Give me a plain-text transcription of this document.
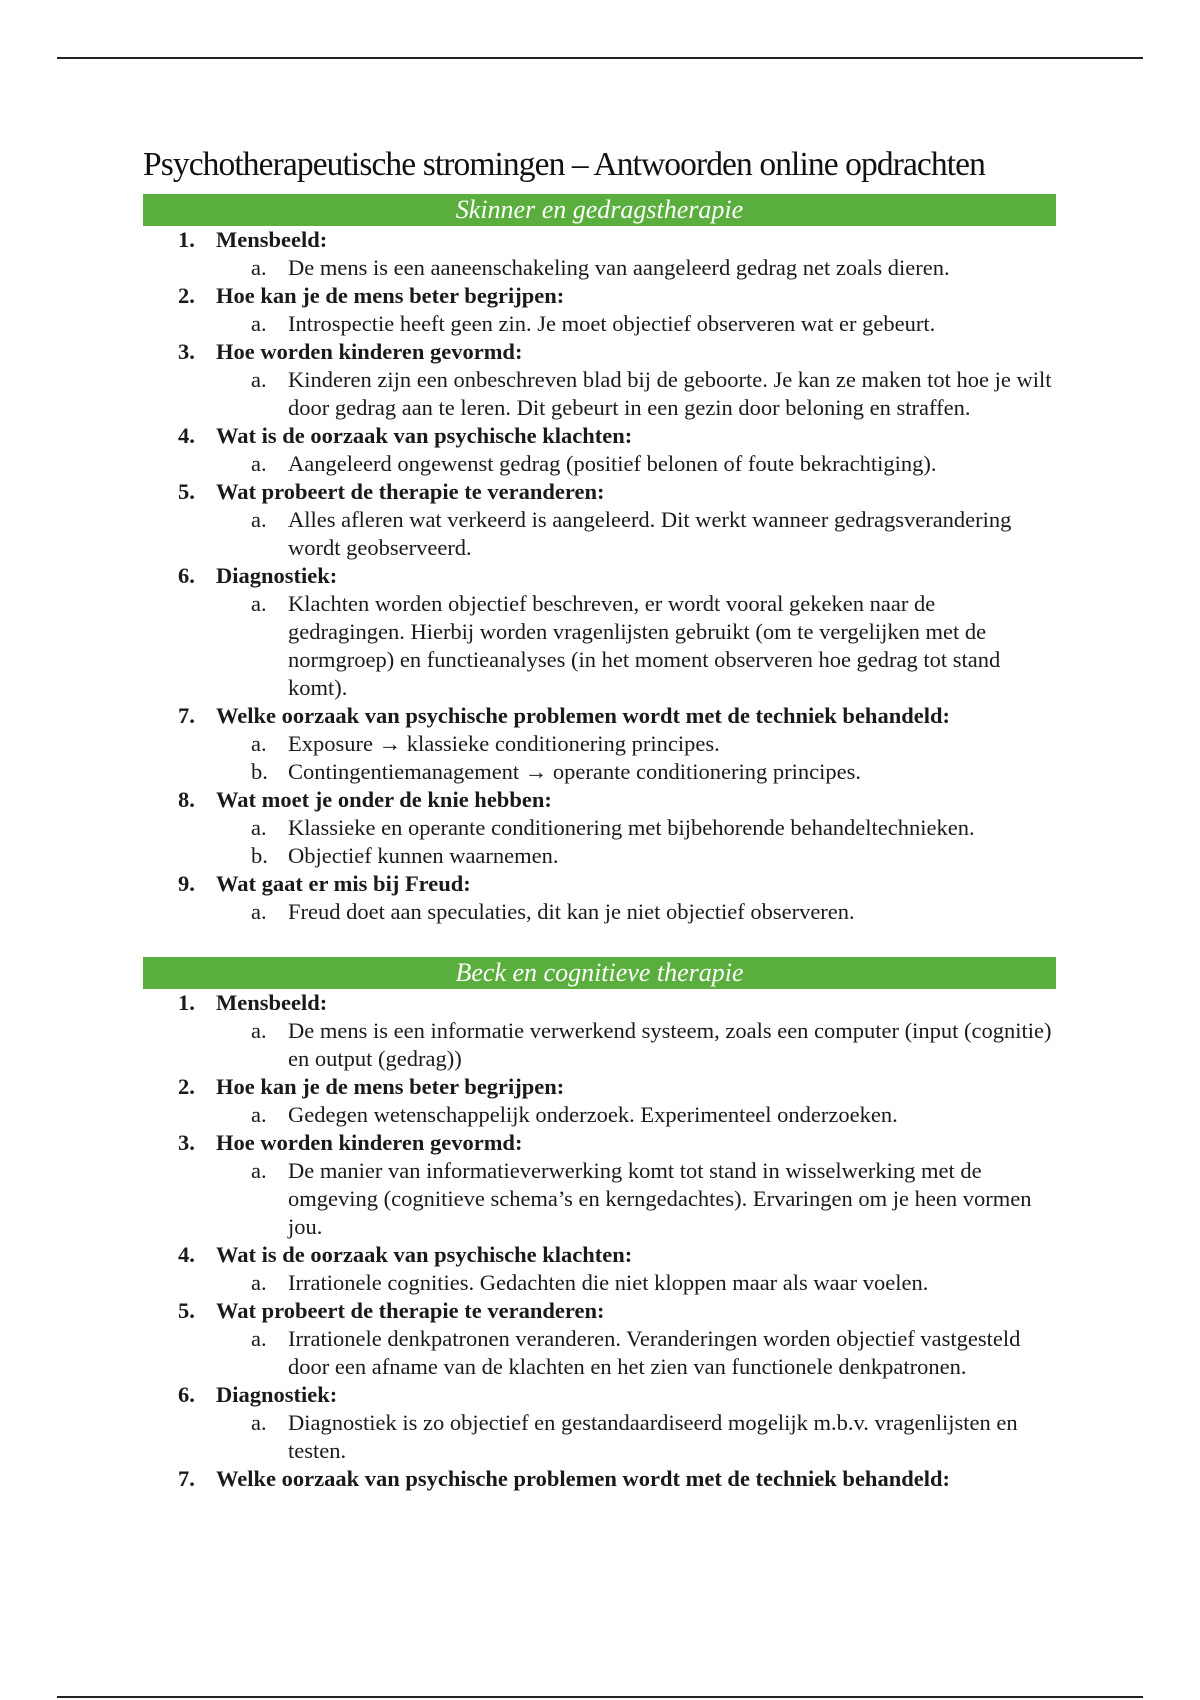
Psychotherapeutische stromingen – Antwoorden online opdrachten
Skinner en gedragstherapie
1. Mensbeeld:
a. De mens is een aaneenschakeling van aangeleerd gedrag net zoals dieren.
2. Hoe kan je de mens beter begrijpen:
a. Introspectie heeft geen zin. Je moet objectief observeren wat er gebeurt.
3. Hoe worden kinderen gevormd:
a. Kinderen zijn een onbeschreven blad bij de geboorte. Je kan ze maken tot hoe je wilt door gedrag aan te leren. Dit gebeurt in een gezin door beloning en straffen.
4. Wat is de oorzaak van psychische klachten:
a. Aangeleerd ongewenst gedrag (positief belonen of foute bekrachtiging).
5. Wat probeert de therapie te veranderen:
a. Alles afleren wat verkeerd is aangeleerd. Dit werkt wanneer gedragsverandering wordt geobserveerd.
6. Diagnostiek:
a. Klachten worden objectief beschreven, er wordt vooral gekeken naar de gedragingen. Hierbij worden vragenlijsten gebruikt (om te vergelijken met de normgroep) en functieanalyses (in het moment observeren hoe gedrag tot stand komt).
7. Welke oorzaak van psychische problemen wordt met de techniek behandeld:
a. Exposure → klassieke conditionering principes.
b. Contingentiemanagement → operante conditionering principes.
8. Wat moet je onder de knie hebben:
a. Klassieke en operante conditionering met bijbehorende behandeltechnieken.
b. Objectief kunnen waarnemen.
9. Wat gaat er mis bij Freud:
a. Freud doet aan speculaties, dit kan je niet objectief observeren.
Beck en cognitieve therapie
1. Mensbeeld:
a. De mens is een informatie verwerkend systeem, zoals een computer (input (cognitie) en output (gedrag))
2. Hoe kan je de mens beter begrijpen:
a. Gedegen wetenschappelijk onderzoek. Experimenteel onderzoeken.
3. Hoe worden kinderen gevormd:
a. De manier van informatieverwerking komt tot stand in wisselwerking met de omgeving (cognitieve schema’s en kerngedachtes). Ervaringen om je heen vormen jou.
4. Wat is de oorzaak van psychische klachten:
a. Irrationele cognities. Gedachten die niet kloppen maar als waar voelen.
5. Wat probeert de therapie te veranderen:
a. Irrationele denkpatronen veranderen. Veranderingen worden objectief vastgesteld door een afname van de klachten en het zien van functionele denkpatronen.
6. Diagnostiek:
a. Diagnostiek is zo objectief en gestandaardiseerd mogelijk m.b.v. vragenlijsten en testen.
7. Welke oorzaak van psychische problemen wordt met de techniek behandeld:
